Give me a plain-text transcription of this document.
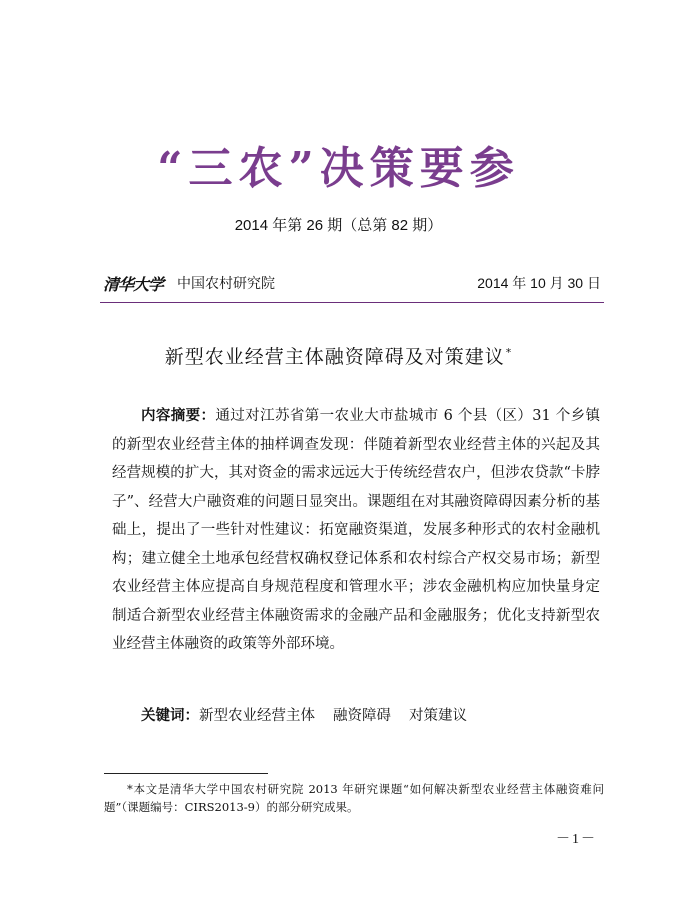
“三农”决策要参
2014 年第 26 期（总第 82 期）
清华大学 中国农村研究院	2014 年 10 月 30 日
新型农业经营主体融资障碍及对策建议*
内容摘要：通过对江苏省第一农业大市盐城市 6 个县（区）31 个乡镇的新型农业经营主体的抽样调查发现：伴随着新型农业经营主体的兴起及其经营规模的扩大，其对资金的需求远远大于传统经营农户，但涉农贷款“卡脖子”、经营大户融资难的问题日显突出。课题组在对其融资障碍因素分析的基础上，提出了一些针对性建议：拓宽融资渠道，发展多种形式的农村金融机构；建立健全土地承包经营权确权登记体系和农村综合产权交易市场；新型农业经营主体应提高自身规范程度和管理水平；涉农金融机构应加快量身定制适合新型农业经营主体融资需求的金融产品和金融服务；优化支持新型农业经营主体融资的政策等外部环境。
关键词：新型农业经营主体 融资障碍 对策建议
*本文是清华大学中国农村研究院 2013 年研究课题“如何解决新型农业经营主体融资难问题”（课题编号：CIRS2013-9）的部分研究成果。
－1－
